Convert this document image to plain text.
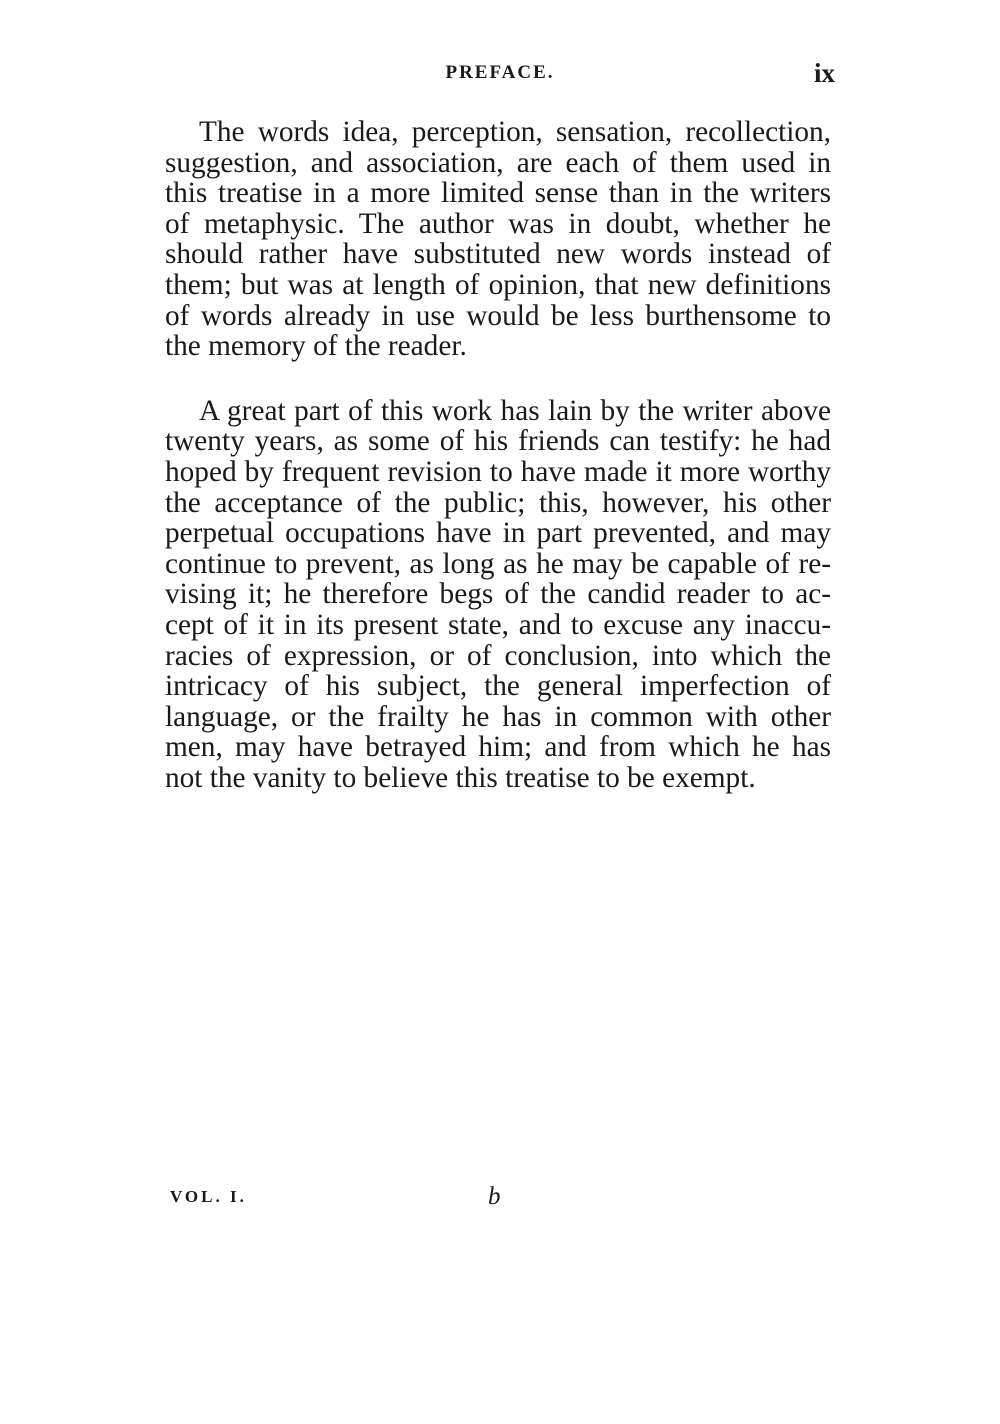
PREFACE.	ix

The words idea, perception, sensation, recollection,
suggestion, and association, are each of them used in
this treatise in a more limited sense than in the writers
of metaphysic. The author was in doubt, whether he
should rather have substituted new words instead of
them; but was at length of opinion, that new definitions
of words already in use would be less burthensome to
the memory of the reader.

A great part of this work has lain by the writer above
twenty years, as some of his friends can testify: he had
hoped by frequent revision to have made it more worthy
the acceptance of the public; this, however, his other
perpetual occupations have in part prevented, and may
continue to prevent, as long as he may be capable of re-
vising it; he therefore begs of the candid reader to ac-
cept of it in its present state, and to excuse any inaccu-
racies of expression, or of conclusion, into which the
intricacy of his subject, the general imperfection of
language, or the frailty he has in common with other
men, may have betrayed him; and from which he has
not the vanity to believe this treatise to be exempt.

VOL. I.	b
